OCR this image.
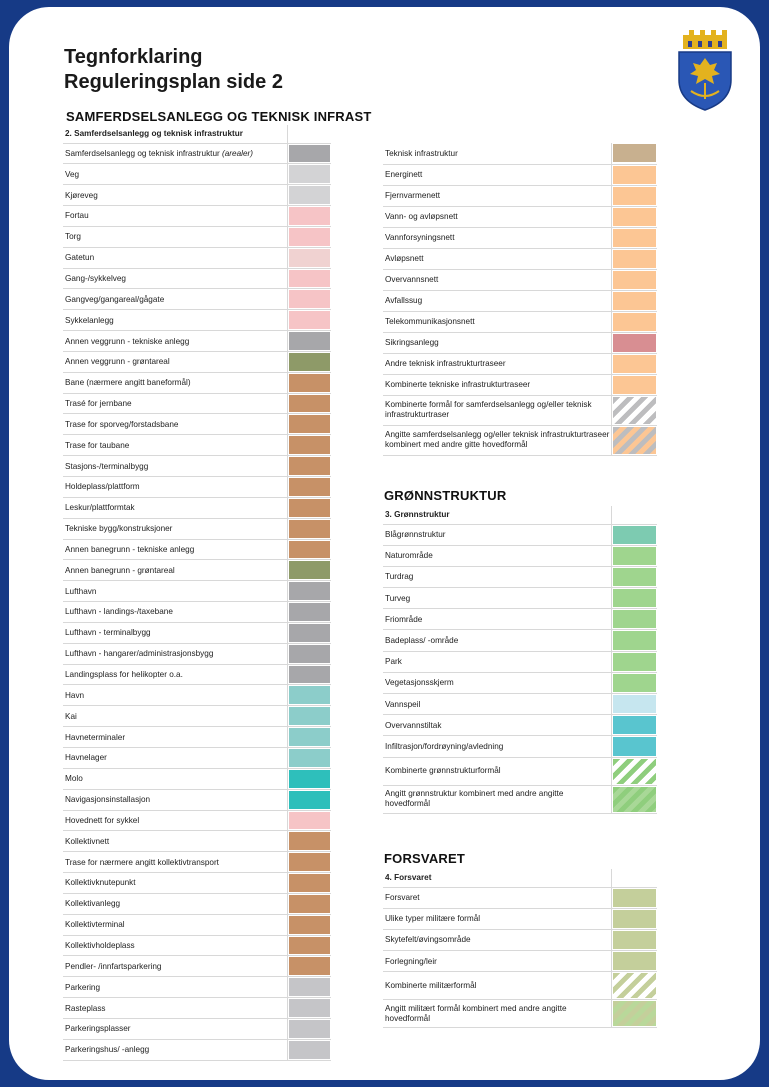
Tegnforklaring
Reguleringsplan side 2
SAMFERDSELSANLEGG OG TEKNISK INFRAST
2. Samferdselsanlegg og teknisk infrastruktur	
Samferdselsanlegg og teknisk infrastruktur (arealer)	

Veg	

Kjøreveg	

Fortau	

Torg	

Gatetun	

Gang-/sykkelveg	

Gangveg/gangareal/gågate	

Sykkelanlegg	

Annen veggrunn - tekniske anlegg	

Annen veggrunn - grøntareal	

Bane (nærmere angitt baneformål)	

Trasé for jernbane	

Trase for sporveg/forstadsbane	

Trase for taubane	

Stasjons-/terminalbygg	

Holdeplass/plattform	

Leskur/plattformtak	

Tekniske bygg/konstruksjoner	

Annen banegrunn - tekniske anlegg	

Annen banegrunn - grøntareal	

Lufthavn	

Lufthavn - landings-/taxebane	

Lufthavn - terminalbygg	

Lufthavn - hangarer/administrasjonsbygg	

Landingsplass for helikopter o.a.	

Havn	

Kai	

Havneterminaler	

Havnelager	

Molo	

Navigasjonsinstallasjon	

Hovednett for sykkel	

Kollektivnett	

Trase for nærmere angitt kollektivtransport	

Kollektivknutepunkt	

Kollektivanlegg	

Kollektivterminal	

Kollektivholdeplass	

Pendler- /innfartsparkering	

Parkering	

Rasteplass	

Parkeringsplasser	

Parkeringshus/ -anlegg	
Teknisk infrastruktur	

Energinett	

Fjernvarmenett	

Vann- og avløpsnett	

Vannforsyningsnett	

Avløpsnett	

Overvannsnett	

Avfallssug	

Telekommunikasjonsnett	

Sikringsanlegg	

Andre teknisk infrastrukturtraseer	

Kombinerte tekniske infrastrukturtraseer	

Kombinerte formål for samferdselsanlegg og/eller teknisk infrastrukturtraser	

Angitte samferdselsanlegg og/eller teknisk infrastrukturtraseer kombinert med andre gitte hovedformål	
GRØNNSTRUKTUR
3. Grønnstruktur	
Blågrønnstruktur	

Naturområde	

Turdrag	

Turveg	

Friområde	

Badeplass/ -område	

Park	

Vegetasjonsskjerm	

Vannspeil	

Overvannstiltak	

Infiltrasjon/fordrøyning/avledning	

Kombinerte grønnstrukturformål	

Angitt grønnstruktur kombinert med andre angitte hovedformål	
FORSVARET
4. Forsvaret	
Forsvaret	

Ulike typer militære formål	

Skytefelt/øvingsområde	

Forlegning/leir	

Kombinerte militærformål	

Angitt militært formål kombinert med andre angitte hovedformål	
